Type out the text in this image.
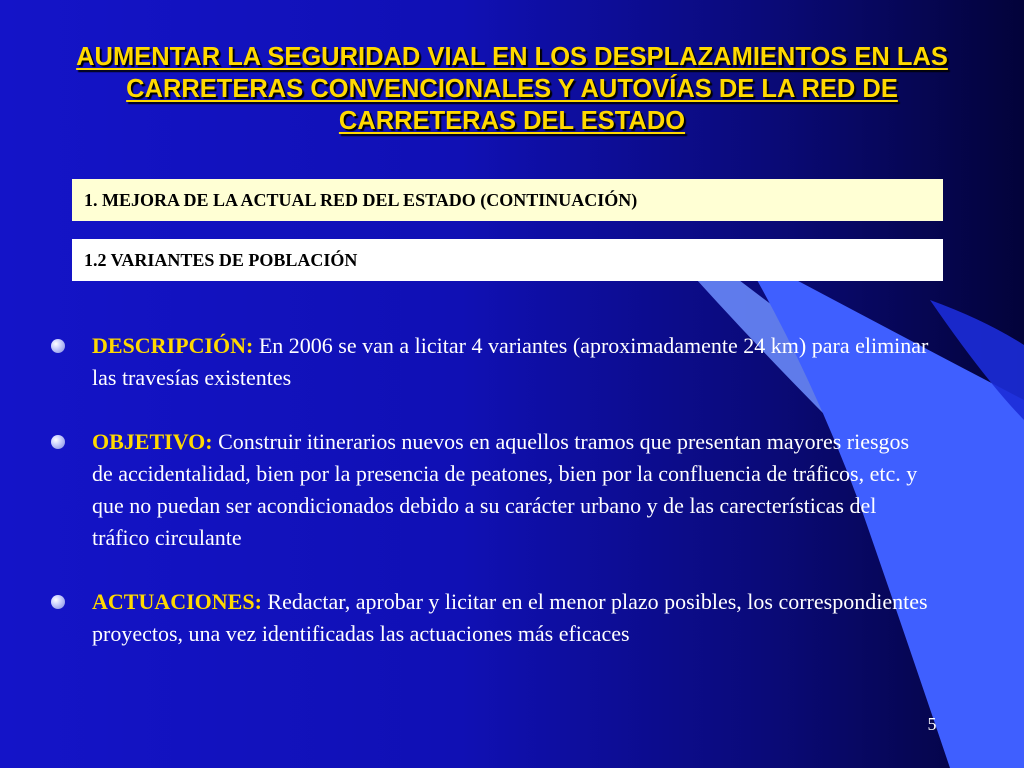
AUMENTAR LA SEGURIDAD VIAL EN LOS DESPLAZAMIENTOS EN LAS CARRETERAS CONVENCIONALES Y AUTOVÍAS DE LA RED DE CARRETERAS DEL ESTADO
1. MEJORA DE LA ACTUAL RED DEL ESTADO (CONTINUACIÓN)
1.2 VARIANTES DE POBLACIÓN
DESCRIPCIÓN: En 2006 se van a licitar 4 variantes (aproximadamente 24 km) para eliminar las travesías existentes
OBJETIVO: Construir itinerarios nuevos en aquellos tramos que presentan mayores riesgos de accidentalidad, bien por la presencia de peatones, bien por la confluencia de tráficos, etc. y que no puedan ser acondicionados debido a su carácter urbano y de las carecterísticas del tráfico circulante
ACTUACIONES: Redactar, aprobar y licitar en el menor plazo posibles, los correspondientes proyectos, una vez identificadas las actuaciones más eficaces
5
